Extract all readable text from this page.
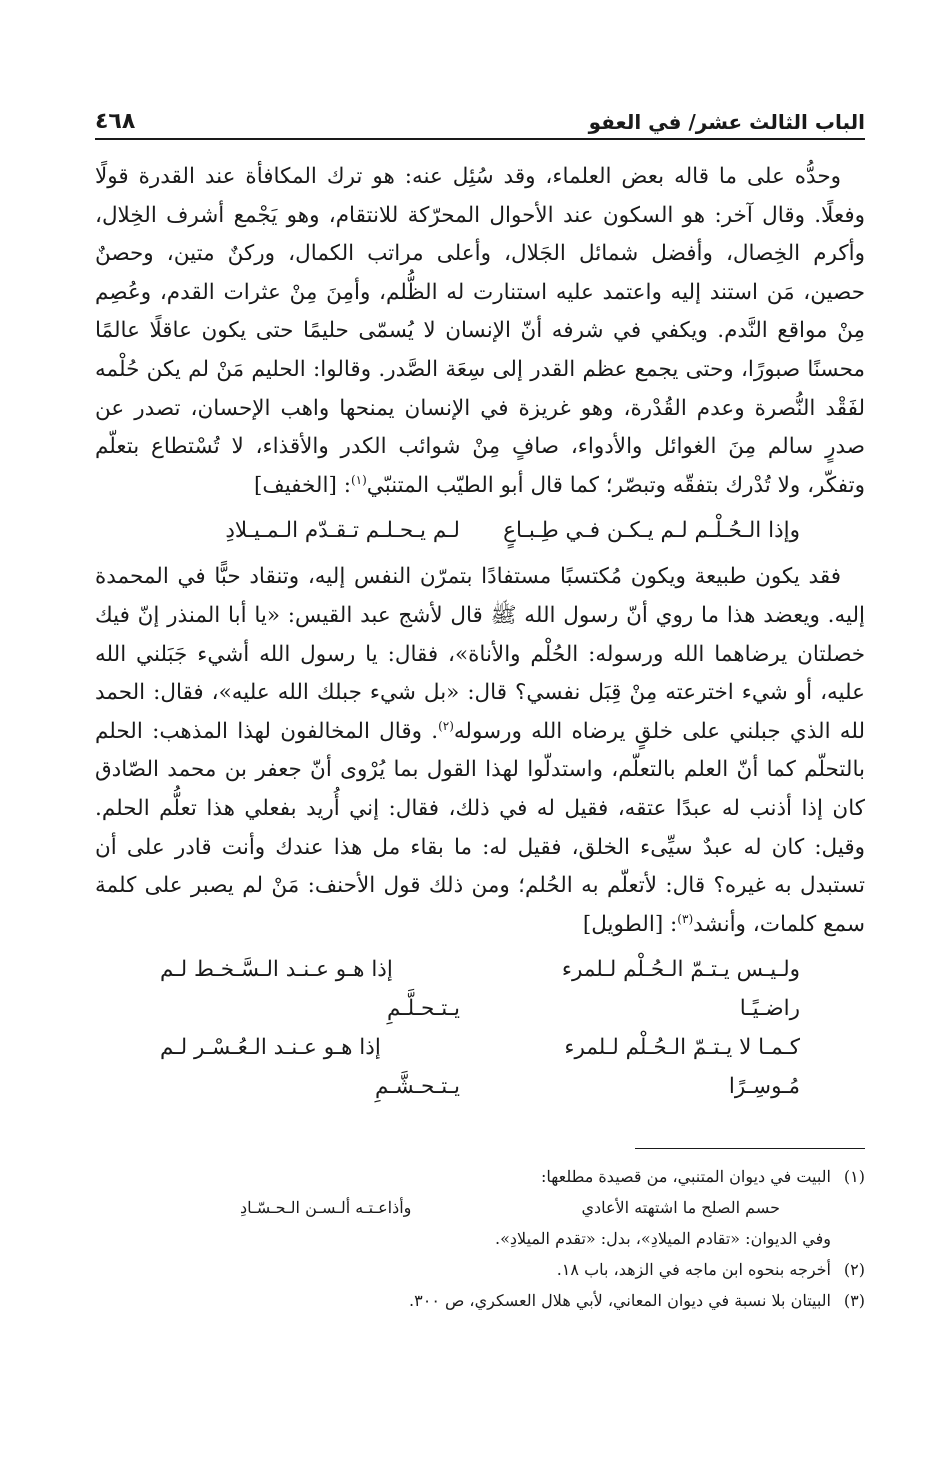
الباب الثالث عشر/ في العفو
٤٦٨

وحدُّه على ما قاله بعض العلماء، وقد سُئِل عنه: هو ترك المكافأة عند القدرة قولًا وفعلًا. وقال آخر: هو السكون عند الأحوال المحرّكة للانتقام، وهو يَجْمع أشرف الخِلال، وأكرم الخِصال، وأفضل شمائل الجَلال، وأعلى مراتب الكمال، وركنٌ متين، وحصنٌ حصين، مَن استند إليه واعتمد عليه استنارت له الظُّلم، وأمِنَ مِنْ عثرات القدم، وعُصِم مِنْ مواقع النَّدم. ويكفي في شرفه أنّ الإنسان لا يُسمّى حليمًا حتى يكون عاقلًا عالمًا محسنًا صبورًا، وحتى يجمع عظم القدر إلى سِعَة الصَّدر. وقالوا: الحليم مَنْ لم يكن حُلْمه لفَقْد النُّصرة وعدم القُدْرة، وهو غريزة في الإنسان يمنحها واهب الإحسان، تصدر عن صدرٍ سالم مِنَ الغوائل والأدواء، صافٍ مِنْ شوائب الكدر والأقذاء، لا تُسْتطاع بتعلّم وتفكّر، ولا تُدْرك بتفقّه وتبصّر؛ كما قال أبو الطيّب المتنبّي$^{(١)}$: [الخفيف]

وإذا الـحُـلْـم لـم يـكـن فـي طِـبـاعٍ
لـم يـحـلـم تـقـدّم الـمـيـلادِ

فقد يكون طبيعة ويكون مُكتسبًا مستفادًا بتمرّن النفس إليه، وتنقاد حبًّا في المحمدة إليه. ويعضد هذا ما روي أنّ رسول الله ﷺ قال لأشج عبد القيس: «يا أبا المنذر إنّ فيك خصلتان يرضاهما الله ورسوله: الحُلْم والأناة»، فقال: يا رسول الله أشيء جَبَلني الله عليه، أو شيء اخترعته مِنْ قِبَل نفسي؟ قال: «بل شيء جبلك الله عليه»، فقال: الحمد لله الذي جبلني على خلقٍ يرضاه الله ورسوله$^{(٢)}$. وقال المخالفون لهذا المذهب: الحلم بالتحلّم كما أنّ العلم بالتعلّم، واستدلّوا لهذا القول بما يُرْوى أنّ جعفر بن محمد الصّادق كان إذا أذنب له عبدًا عتقه، فقيل له في ذلك، فقال: إني أُريد بفعلي هذا تعلُّم الحلم. وقيل: كان له عبدٌ سيِّىء الخلق، فقيل له: ما بقاء مل هذا عندك وأنت قادر على أن تستبدل به غيره؟ قال: لأتعلّم به الحُلم؛ ومن ذلك قول الأحنف: مَنْ لم يصبر على كلمة سمع كلمات، وأنشد$^{(٣)}$: [الطويل]

ولـيـس يـتـمّ الـحُـلْم لـلمرء راضـيًـا
إذا هـو عـنـد الـسَّـخـط لـم يـتـحـلَّـمِ
كـمـا لا يـتـمّ الـحُـلْم لـلمرء مُـوسِـرًا
إذا هـو عـنـد الـعُـسْـر لـم يـتـحـشَّـمِ
(١)
البيت في ديوان المتنبي، من قصيدة مطلعها:
حسم الصلح ما اشتهته الأعادي
وأذاعـتـه ألـسـن الـحـسّـادِ
وفي الديوان: «تقادم الميلادِ»، بدل: «تقدم الميلادِ».
(٢)
أخرجه بنحوه ابن ماجه في الزهد، باب ١٨.
(٣)
البيتان بلا نسبة في ديوان المعاني، لأبي هلال العسكري، ص ٣٠٠.
